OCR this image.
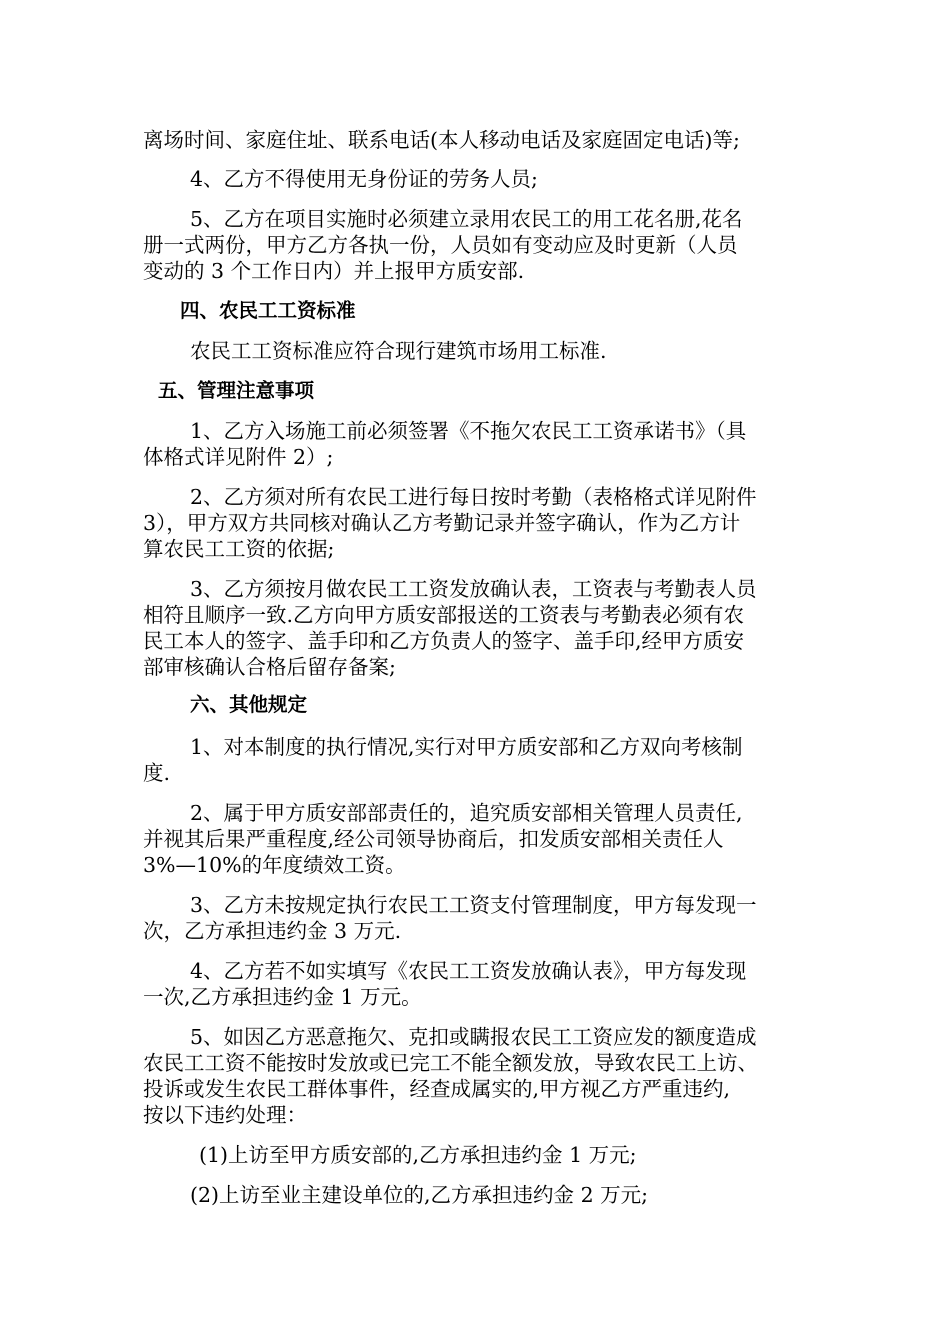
离场时间、家庭住址、联系电话(本人移动电话及家庭固定电话)等;
4、乙方不得使用无身份证的劳务人员;
5、乙方在项目实施时必须建立录用农民工的用工花名册,花名
册一式两份，甲方乙方各执一份，人员如有变动应及时更新（人员
变动的 3 个工作日内）并上报甲方质安部.
四、农民工工资标准
农民工工资标准应符合现行建筑市场用工标准.
五、管理注意事项
1、乙方入场施工前必须签署《不拖欠农民工工资承诺书》（具
体格式详见附件 2）;
2、乙方须对所有农民工进行每日按时考勤（表格格式详见附件
3），甲方双方共同核对确认乙方考勤记录并签字确认，作为乙方计
算农民工工资的依据;
3、乙方须按月做农民工工资发放确认表，工资表与考勤表人员
相符且顺序一致.乙方向甲方质安部报送的工资表与考勤表必须有农
民工本人的签字、盖手印和乙方负责人的签字、盖手印,经甲方质安
部审核确认合格后留存备案;
六、其他规定
1、对本制度的执行情况,实行对甲方质安部和乙方双向考核制
度.
2、属于甲方质安部部责任的，追究质安部相关管理人员责任,
并视其后果严重程度,经公司领导协商后，扣发质安部相关责任人
3%—10%的年度绩效工资。
3、乙方未按规定执行农民工工资支付管理制度，甲方每发现一
次，乙方承担违约金 3 万元.
4、乙方若不如实填写《农民工工资发放确认表》，甲方每发现
一次,乙方承担违约金 1 万元。
5、如因乙方恶意拖欠、克扣或瞒报农民工工资应发的额度造成
农民工工资不能按时发放或已完工不能全额发放，导致农民工上访、
投诉或发生农民工群体事件，经查成属实的,甲方视乙方严重违约,
按以下违约处理：
(1)上访至甲方质安部的,乙方承担违约金 1 万元;
(2)上访至业主建设单位的,乙方承担违约金 2 万元;
